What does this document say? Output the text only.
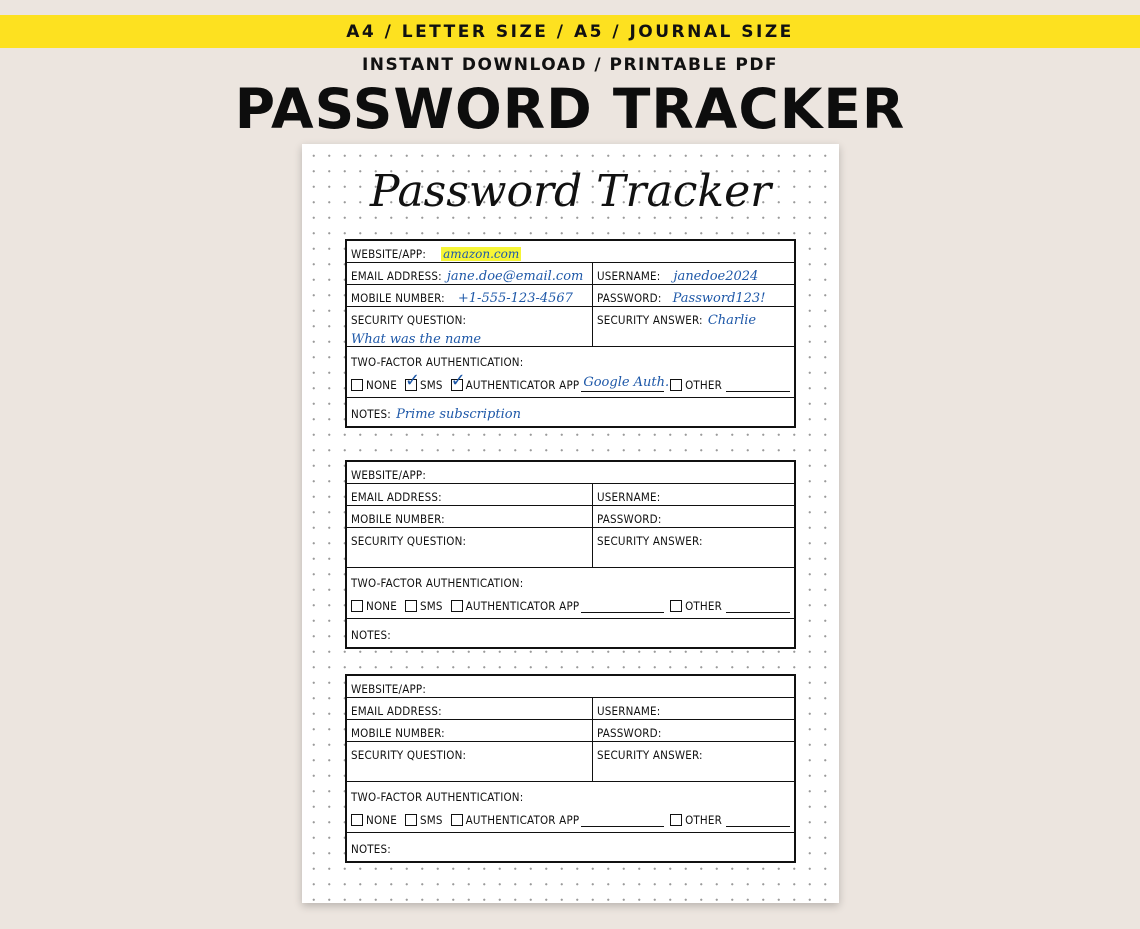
A4 / LETTER SIZE / A5 / JOURNAL SIZE
INSTANT DOWNLOAD / PRINTABLE PDF
PASSWORD TRACKER
Password Tracker
WEBSITE/APP: amazon.com
EMAIL ADDRESS: jane.doe@email.com	USERNAME: janedoe2024
MOBILE NUMBER: +1-555-123-4567	PASSWORD: Password123!
SECURITY QUESTION: What was the name

SECURITY ANSWER: Charlie
TWO-FACTOR AUTHENTICATION:
NONE ✓ SMS ✓ AUTHENTICATOR APP Google Auth. OTHER
NOTES: Prime subscription
WEBSITE/APP:
EMAIL ADDRESS:	USERNAME:
MOBILE NUMBER:	PASSWORD:
SECURITY QUESTION:	SECURITY ANSWER:
TWO-FACTOR AUTHENTICATION:
NONE SMS AUTHENTICATOR APP	OTHER
NOTES:
WEBSITE/APP:
EMAIL ADDRESS:	USERNAME:
MOBILE NUMBER:	PASSWORD:
SECURITY QUESTION:	SECURITY ANSWER:
TWO-FACTOR AUTHENTICATION:
NONE SMS AUTHENTICATOR APP	OTHER
NOTES:
